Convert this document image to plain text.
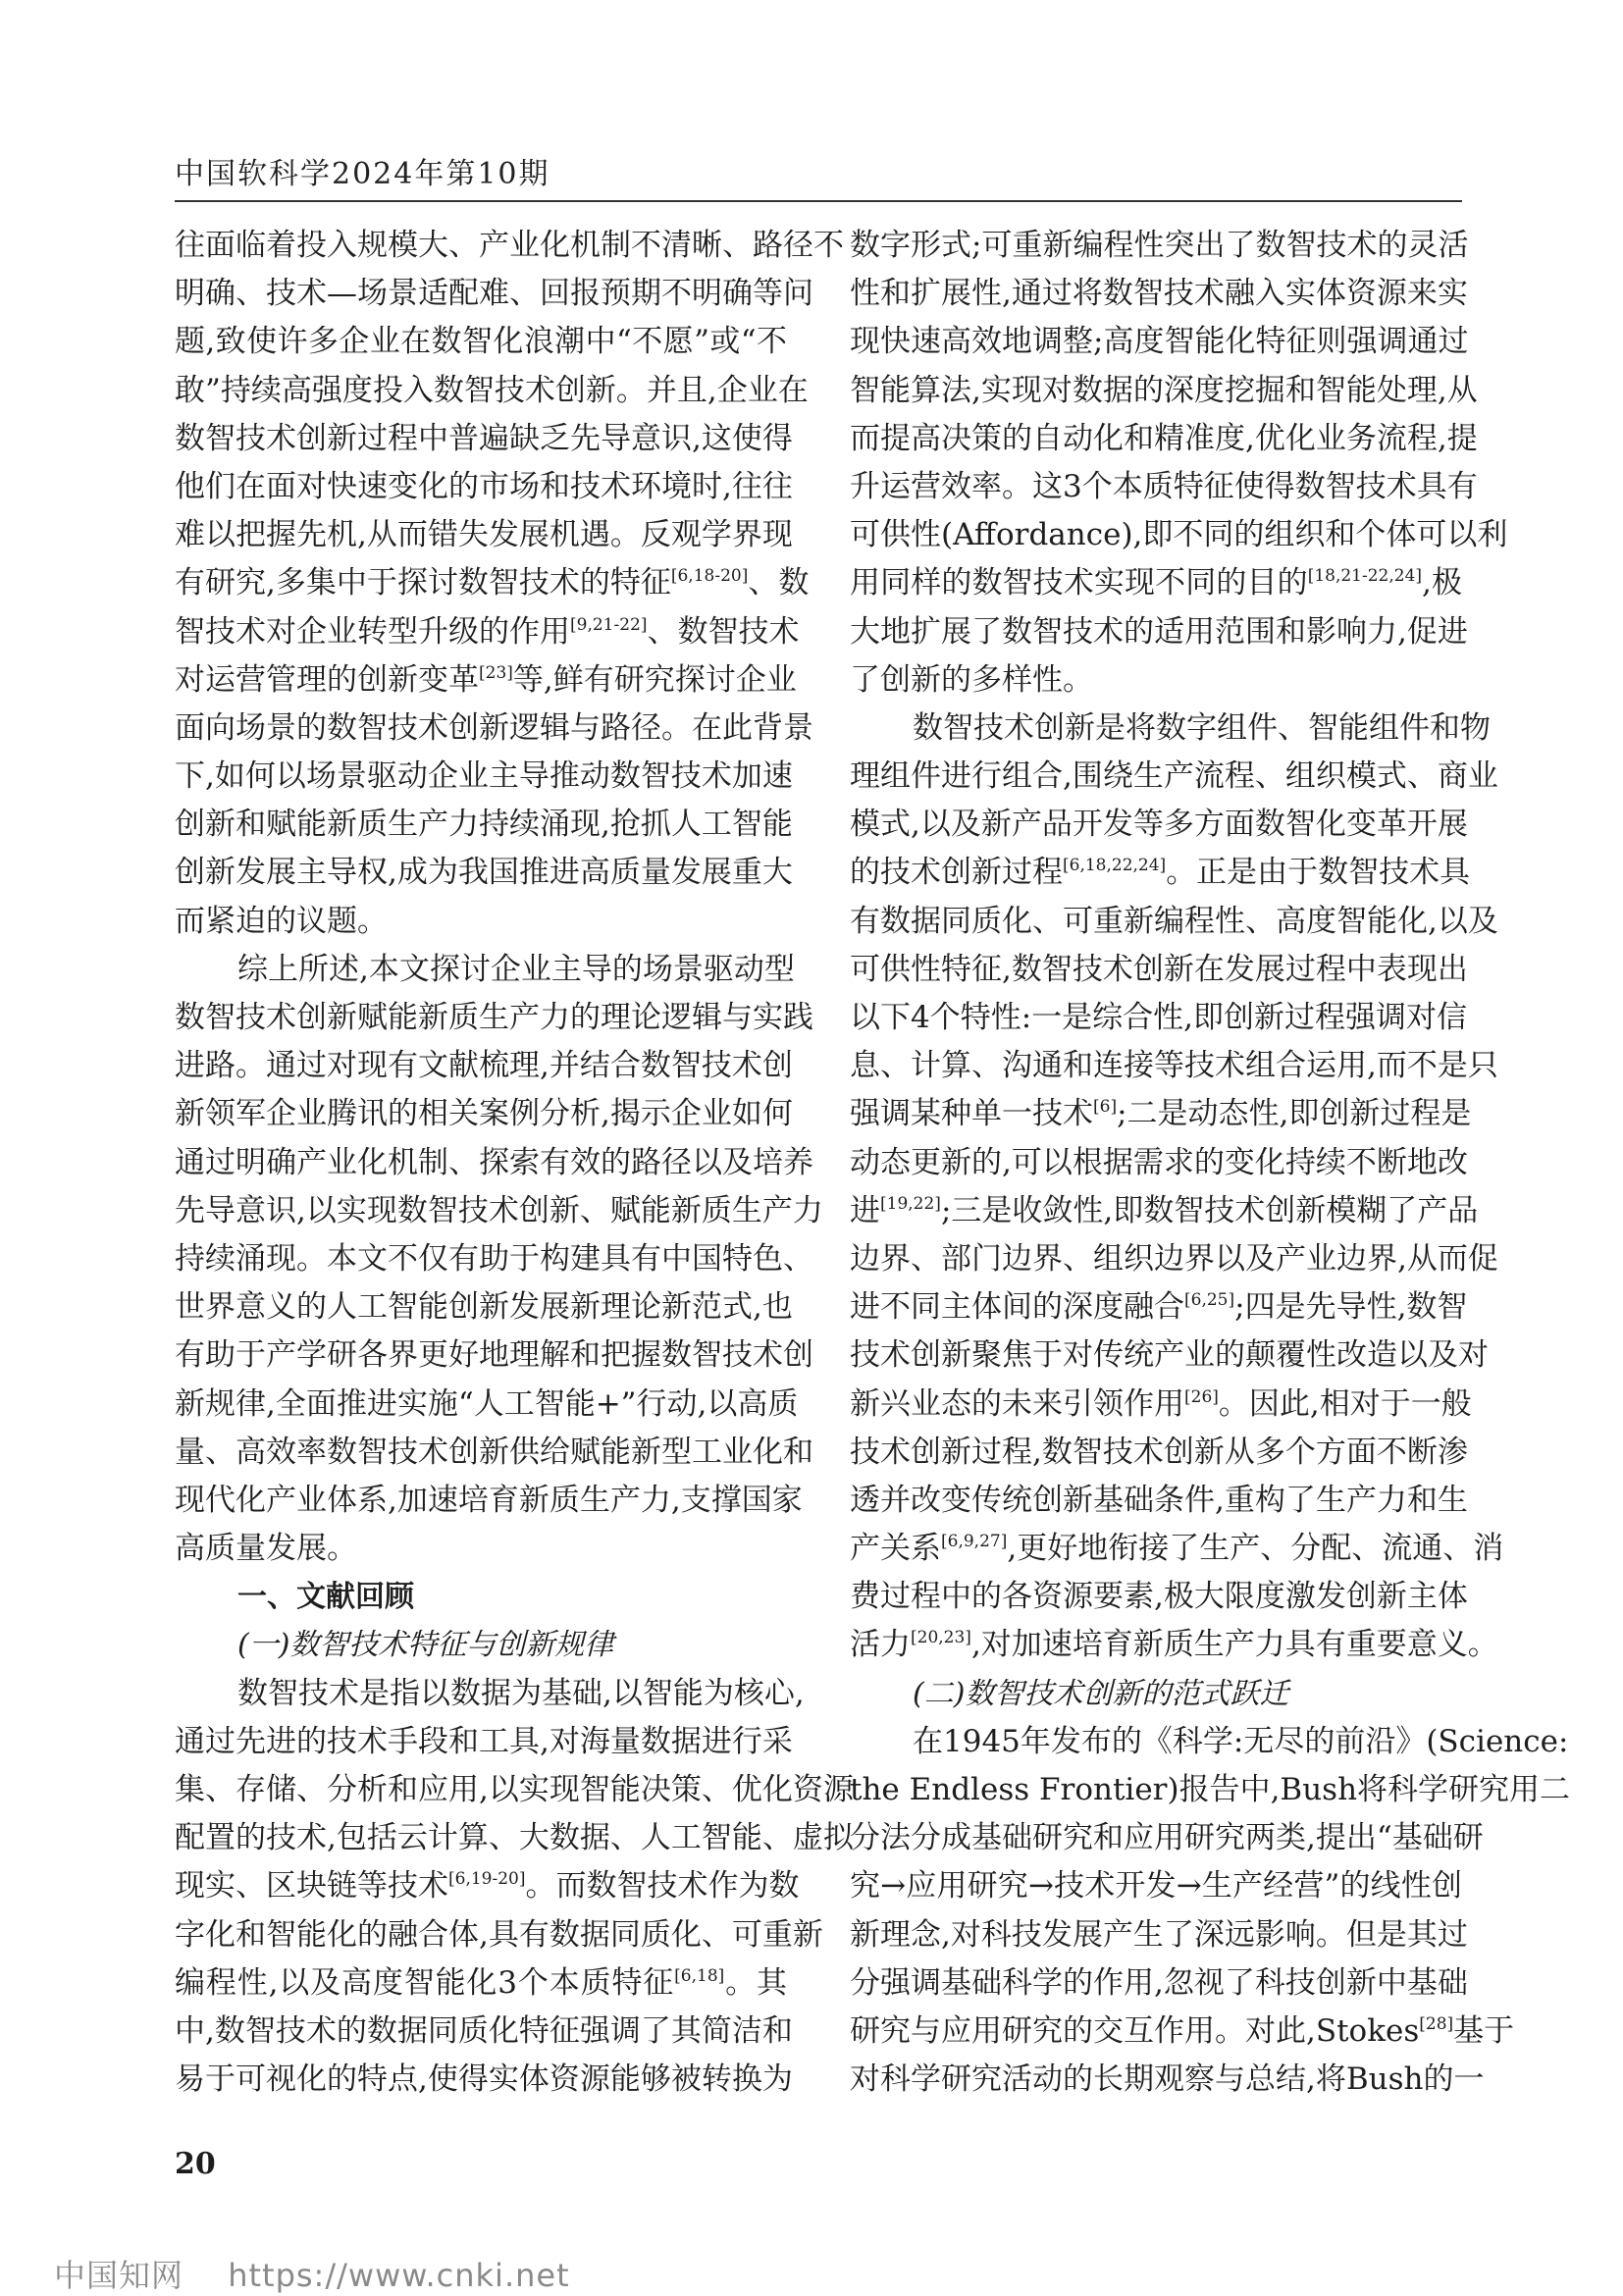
中国软科学2024年第10期
往面临着投入规模大、产业化机制不清晰、路径不
明确、技术—场景适配难、回报预期不明确等问
题,致使许多企业在数智化浪潮中“不愿”或“不
敢”持续高强度投入数智技术创新。并且,企业在
数智技术创新过程中普遍缺乏先导意识,这使得
他们在面对快速变化的市场和技术环境时,往往
难以把握先机,从而错失发展机遇。反观学界现
有研究,多集中于探讨数智技术的特征[6,18-20]、数
智技术对企业转型升级的作用[9,21-22]、数智技术
对运营管理的创新变革[23]等,鲜有研究探讨企业
面向场景的数智技术创新逻辑与路径。在此背景
下,如何以场景驱动企业主导推动数智技术加速
创新和赋能新质生产力持续涌现,抢抓人工智能
创新发展主导权,成为我国推进高质量发展重大
而紧迫的议题。
综上所述,本文探讨企业主导的场景驱动型
数智技术创新赋能新质生产力的理论逻辑与实践
进路。通过对现有文献梳理,并结合数智技术创
新领军企业腾讯的相关案例分析,揭示企业如何
通过明确产业化机制、探索有效的路径以及培养
先导意识,以实现数智技术创新、赋能新质生产力
持续涌现。本文不仅有助于构建具有中国特色、
世界意义的人工智能创新发展新理论新范式,也
有助于产学研各界更好地理解和把握数智技术创
新规律,全面推进实施“人工智能+”行动,以高质
量、高效率数智技术创新供给赋能新型工业化和
现代化产业体系,加速培育新质生产力,支撑国家
高质量发展。
一、文献回顾
(一)数智技术特征与创新规律
数智技术是指以数据为基础,以智能为核心,
通过先进的技术手段和工具,对海量数据进行采
集、存储、分析和应用,以实现智能决策、优化资源
配置的技术,包括云计算、大数据、人工智能、虚拟
现实、区块链等技术[6,19-20]。而数智技术作为数
字化和智能化的融合体,具有数据同质化、可重新
编程性,以及高度智能化3个本质特征[6,18]。其
中,数智技术的数据同质化特征强调了其简洁和
易于可视化的特点,使得实体资源能够被转换为
数字形式;可重新编程性突出了数智技术的灵活
性和扩展性,通过将数智技术融入实体资源来实
现快速高效地调整;高度智能化特征则强调通过
智能算法,实现对数据的深度挖掘和智能处理,从
而提高决策的自动化和精准度,优化业务流程,提
升运营效率。这3个本质特征使得数智技术具有
可供性(Affordance),即不同的组织和个体可以利
用同样的数智技术实现不同的目的[18,21-22,24],极
大地扩展了数智技术的适用范围和影响力,促进
了创新的多样性。
数智技术创新是将数字组件、智能组件和物
理组件进行组合,围绕生产流程、组织模式、商业
模式,以及新产品开发等多方面数智化变革开展
的技术创新过程[6,18,22,24]。正是由于数智技术具
有数据同质化、可重新编程性、高度智能化,以及
可供性特征,数智技术创新在发展过程中表现出
以下4个特性:一是综合性,即创新过程强调对信
息、计算、沟通和连接等技术组合运用,而不是只
强调某种单一技术[6];二是动态性,即创新过程是
动态更新的,可以根据需求的变化持续不断地改
进[19,22];三是收敛性,即数智技术创新模糊了产品
边界、部门边界、组织边界以及产业边界,从而促
进不同主体间的深度融合[6,25];四是先导性,数智
技术创新聚焦于对传统产业的颠覆性改造以及对
新兴业态的未来引领作用[26]。因此,相对于一般
技术创新过程,数智技术创新从多个方面不断渗
透并改变传统创新基础条件,重构了生产力和生
产关系[6,9,27],更好地衔接了生产、分配、流通、消
费过程中的各资源要素,极大限度激发创新主体
活力[20,23],对加速培育新质生产力具有重要意义。
(二)数智技术创新的范式跃迁
在1945年发布的《科学:无尽的前沿》(Science:
the Endless Frontier)报告中,Bush将科学研究用二
分法分成基础研究和应用研究两类,提出“基础研
究→应用研究→技术开发→生产经营”的线性创
新理念,对科技发展产生了深远影响。但是其过
分强调基础科学的作用,忽视了科技创新中基础
研究与应用研究的交互作用。对此,Stokes[28]基于
对科学研究活动的长期观察与总结,将Bush的一
20
中国知网 https://www.cnki.net
